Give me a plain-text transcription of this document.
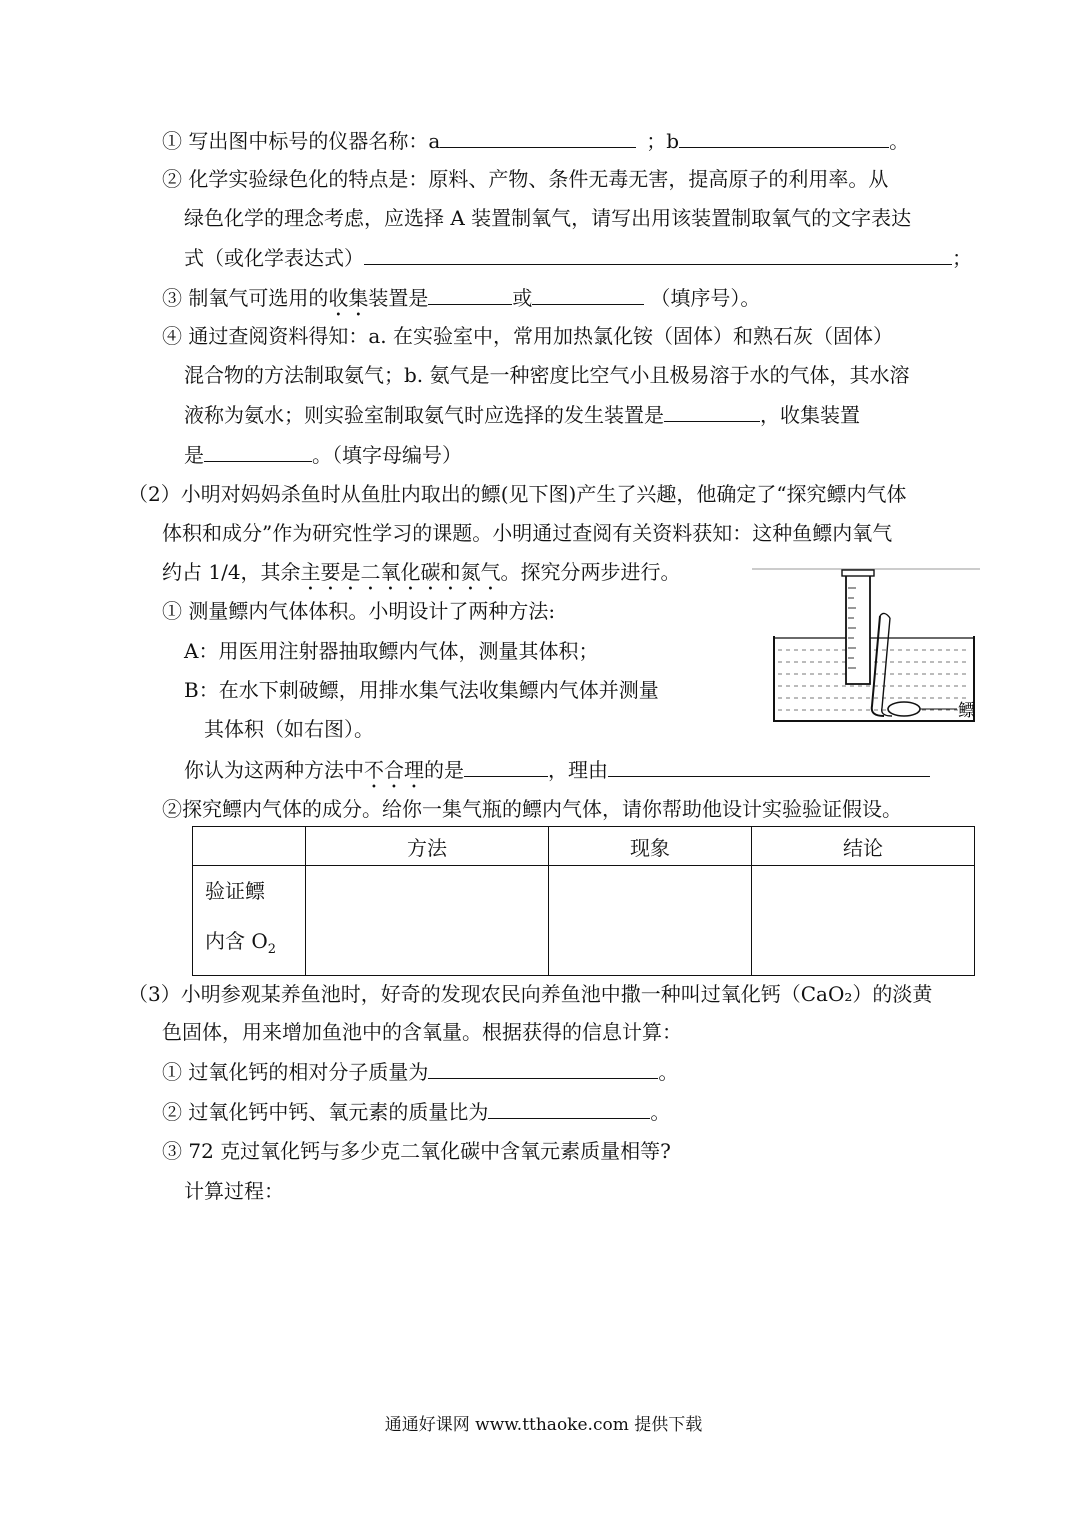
① 写出图中标号的仪器名称：a	；b	。
② 化学实验绿色化的特点是：原料、产物、条件无毒无害，提高原子的利用率。从
绿色化学的理念考虑，应选择 A 装置制氧气，请写出用该装置制取氧气的文字表达
式（或化学表达式）	；
③ 制氧气可选用的收集装置是	或	（填序号）。
④ 通过查阅资料得知：a. 在实验室中，常用加热氯化铵（固体）和熟石灰（固体）
混合物的方法制取氨气；b. 氨气是一种密度比空气小且极易溶于水的气体，其水溶
液称为氨水；则实验室制取氨气时应选择的发生装置是	，收集装置
是	。（填字母编号）
（2）小明对妈妈杀鱼时从鱼肚内取出的鳔(见下图)产生了兴趣，他确定了“探究鳔内气体
体积和成分”作为研究性学习的课题。小明通过查阅有关资料获知：这种鱼鳔内氧气
约占 1/4，其余主要是二氧化碳和氮气。探究分两步进行。
① 测量鳔内气体体积。小明设计了两种方法:
A：用医用注射器抽取鳔内气体，测量其体积；
B：在水下刺破鳔，用排水集气法收集鳔内气体并测量
其体积（如右图）。
你认为这两种方法中不合理的是	，理由
②探究鳔内气体的成分。给你一集气瓶的鳔内气体，请你帮助他设计实验验证假设。
鳔
	方法	现象	结论

验证鳔
内含 $O_2$

（3）小明参观某养鱼池时，好奇的发现农民向养鱼池中撒一种叫过氧化钙（CaO₂）的淡黄
色固体，用来增加鱼池中的含氧量。根据获得的信息计算：
① 过氧化钙的相对分子质量为	。
② 过氧化钙中钙、氧元素的质量比为	。
③ 72 克过氧化钙与多少克二氧化碳中含氧元素质量相等?
计算过程：
通通好课网 www.tthaoke.com 提供下载
